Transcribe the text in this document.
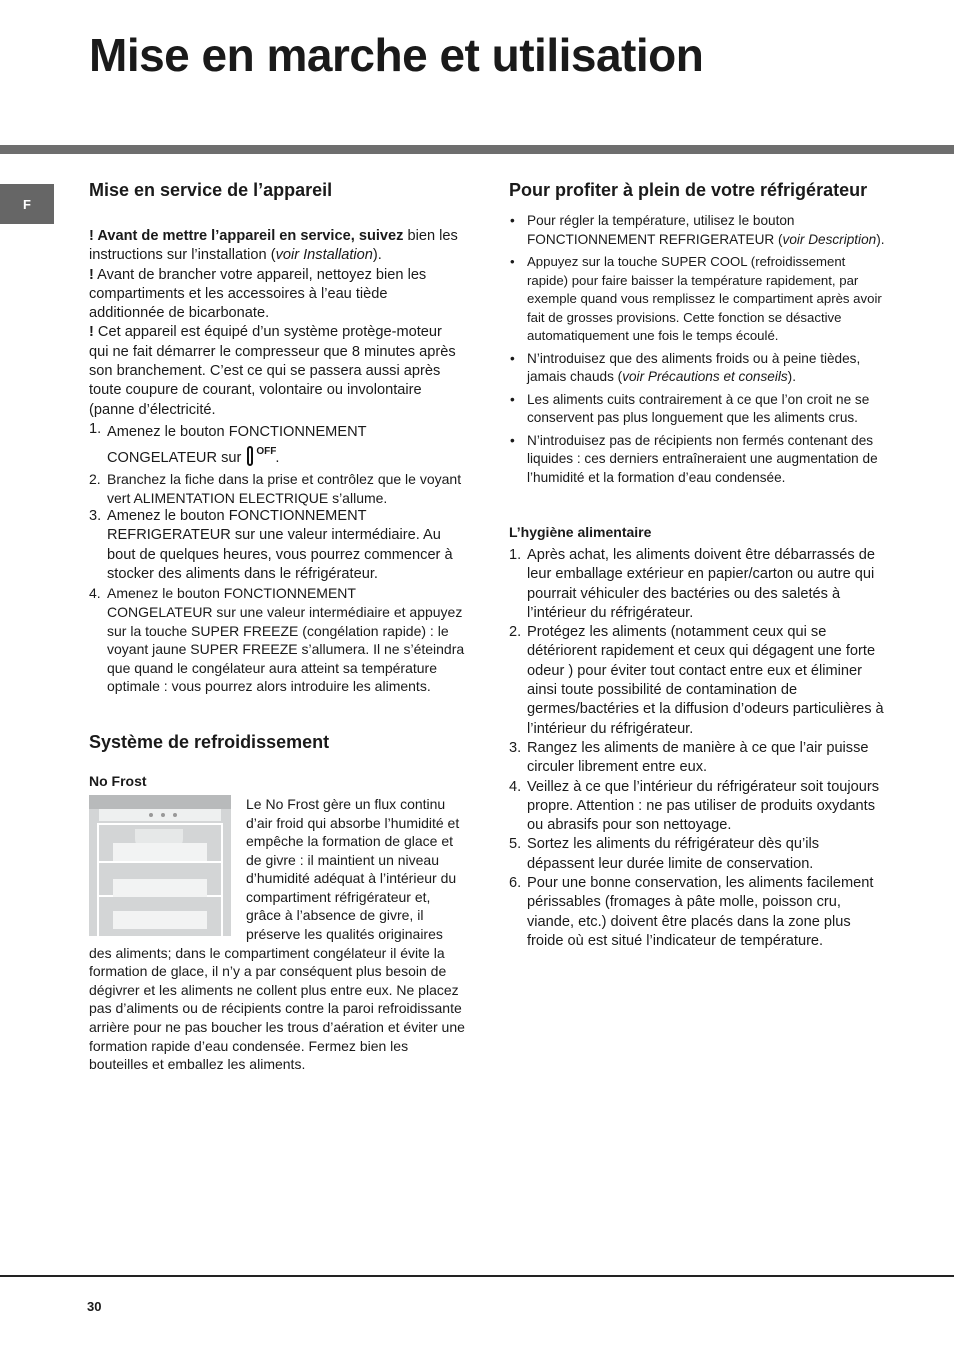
Mise en marche et utilisation
F
Mise en service de l’appareil

! Avant de mettre l’appareil en service, suivez bien les instructions sur l’installation (voir Installation).

! Avant de brancher votre appareil, nettoyez bien les compartiments et les accessoires à l’eau tiède additionnée de bicarbonate.

! Cet appareil est équipé d’un système protège-moteur qui ne fait démarrer le compresseur que 8 minutes après son branchement. C’est ce qui se passera aussi après toute coupure de courant, volontaire ou involontaire (panne d’électricité.

1. Amenez le bouton FONCTIONNEMENT CONGELATEUR sur OFF .
2. Branchez la fiche dans la prise et contrôlez que le voyant vert ALIMENTATION ELECTRIQUE s’allume.
3. Amenez le bouton FONCTIONNEMENT REFRIGERATEUR sur une valeur intermédiaire. Au bout de quelques heures, vous pourrez commencer à stocker des aliments dans le réfrigérateur.
4. Amenez le bouton FONCTIONNEMENT CONGELATEUR sur une valeur intermédiaire et appuyez sur la touche SUPER FREEZE (congélation rapide) : le voyant jaune SUPER FREEZE s’allumera. Il ne s’éteindra que quand le congélateur aura atteint sa température optimale : vous pourrez alors introduire les aliments.
Système de refroidissement
No Frost

Le No Frost gère un flux continu d’air froid qui absorbe l’humidité et empêche la formation de glace et de givre : il maintient un niveau d’humidité adéquat à l’intérieur du compartiment réfrigérateur et, grâce à l’absence de givre, il préserve les qualités originaires des aliments; dans le compartiment congélateur il évite la formation de glace, il n’y a par conséquent plus besoin de dégivrer et les aliments ne collent plus entre eux. Ne placez pas d’aliments ou de récipients contre la paroi refroidissante arrière pour ne pas boucher les trous d’aération et éviter une formation rapide d’eau condensée. Fermez bien les bouteilles et emballez les aliments.

Pour profiter à plein de votre réfrigérateur
• Pour régler la température, utilisez le bouton FONCTIONNEMENT REFRIGERATEUR (voir Description).
• Appuyez sur la touche SUPER COOL (refroidissement rapide) pour faire baisser la température rapidement, par exemple quand vous remplissez le compartiment après avoir fait de grosses provisions. Cette fonction se désactive automatiquement une fois le temps écoulé.
• N’introduisez que des aliments froids ou à peine tièdes, jamais chauds (voir Précautions et conseils).
• Les aliments cuits contrairement à ce que l’on croit ne se conservent pas plus longuement que les aliments crus.
• N’introduisez pas de récipients non fermés contenant des liquides : ces derniers entraîneraient une augmentation de l’humidité et la formation d’eau condensée.
L’hygiène alimentaire
1. Après achat, les aliments doivent être débarrassés de leur emballage extérieur en papier/carton ou autre qui pourrait véhiculer des bactéries ou des saletés à l’intérieur du réfrigérateur.
2. Protégez les aliments (notamment ceux qui se détériorent rapidement et ceux qui dégagent une forte odeur ) pour éviter tout contact entre eux et éliminer ainsi toute possibilité de contamination de germes/bactéries et la diffusion d’odeurs particulières à l’intérieur du réfrigérateur.
3. Rangez les aliments de manière à ce que l’air puisse circuler librement entre eux.
4. Veillez à ce que l’intérieur du réfrigérateur soit toujours propre. Attention : ne pas utiliser de produits oxydants ou abrasifs pour son nettoyage.
5. Sortez les aliments du réfrigérateur dès qu’ils dépassent leur durée limite de conservation.
6. Pour une bonne conservation, les aliments facilement périssables (fromages à pâte molle, poisson cru, viande, etc.) doivent être placés dans la zone plus froide où est situé l’indicateur de température.
30
